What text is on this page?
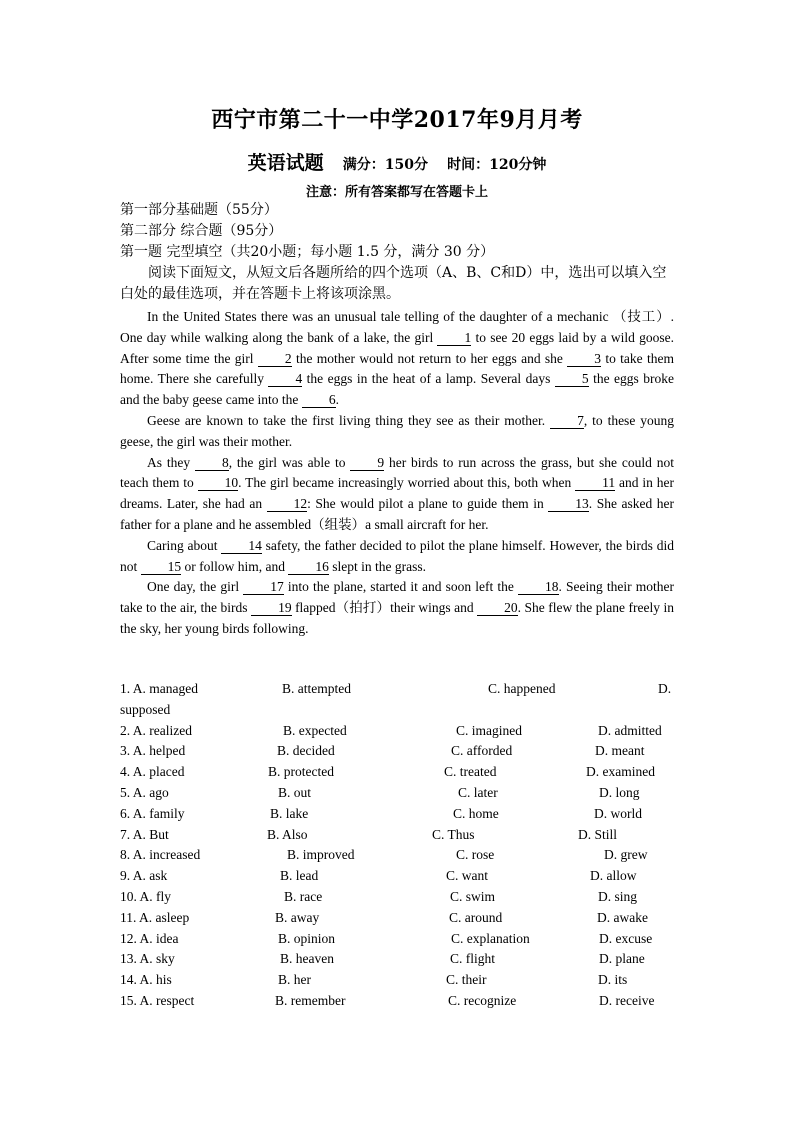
西宁市第二十一中学2017年9月月考
英语试题 满分：150分 时间：120分钟
注意：所有答案都写在答题卡上
第一部分基础题（55分）
第二部分 综合题（95分）
第一题 完型填空（共20小题；每小题 1.5 分，满分 30 分）
阅读下面短文，从短文后各题所给的四个选项（A、B、C和D）中，选出可以填入空白处的最佳选项，并在答题卡上将该项涂黑。

In the United States there was an unusual tale telling of the daughter of a mechanic （技工）. One day while walking along the bank of a lake, the girl 1 to see 20 eggs laid by a wild goose. After some time the girl 2 the mother would not return to her eggs and she 3 to take them home. There she carefully 4 the eggs in the heat of a lamp. Several days 5 the eggs broke and the baby geese came into the 6.

Geese are known to take the first living thing they see as their mother. 7, to these young geese, the girl was their mother.

As they 8, the girl was able to 9 her birds to run across the grass, but she could not teach them to 10. The girl became increasingly worried about this, both when 11 and in her dreams. Later, she had an 12: She would pilot a plane to guide them in 13. She asked her father for a plane and he assembled（组装）a small aircraft for her.

Caring about 14 safety, the father decided to pilot the plane himself. However, the birds did not 15 or follow him, and 16 slept in the grass.

One day, the girl 17 into the plane, started it and soon left the 18. Seeing their mother take to the air, the birds 19 flapped（拍打）their wings and 20. She flew the plane freely in the sky, her young birds following.

1. A. managed	B. attempted	C. happened	D.
supposed
2. A. realized	B. expected	C. imagined	D. admitted
3. A. helped	B. decided	C. afforded	D. meant
4. A. placed	B. protected	C. treated	D. examined
5. A. ago	B. out	C. later	D. long
6. A. family	B. lake	C. home	D. world
7. A. But	B. Also	C. Thus	D. Still
8. A. increased	B. improved	C. rose	D. grew
9. A. ask	B. lead	C. want	D. allow
10. A. fly	B. race	C. swim	D. sing
11. A. asleep	B. away	C. around	D. awake
12. A. idea	B. opinion	C. explanation	D. excuse
13. A. sky	B. heaven	C. flight	D. plane
14. A. his	B. her	C. their	D. its
15. A. respect	B. remember	C. recognize	D. receive
